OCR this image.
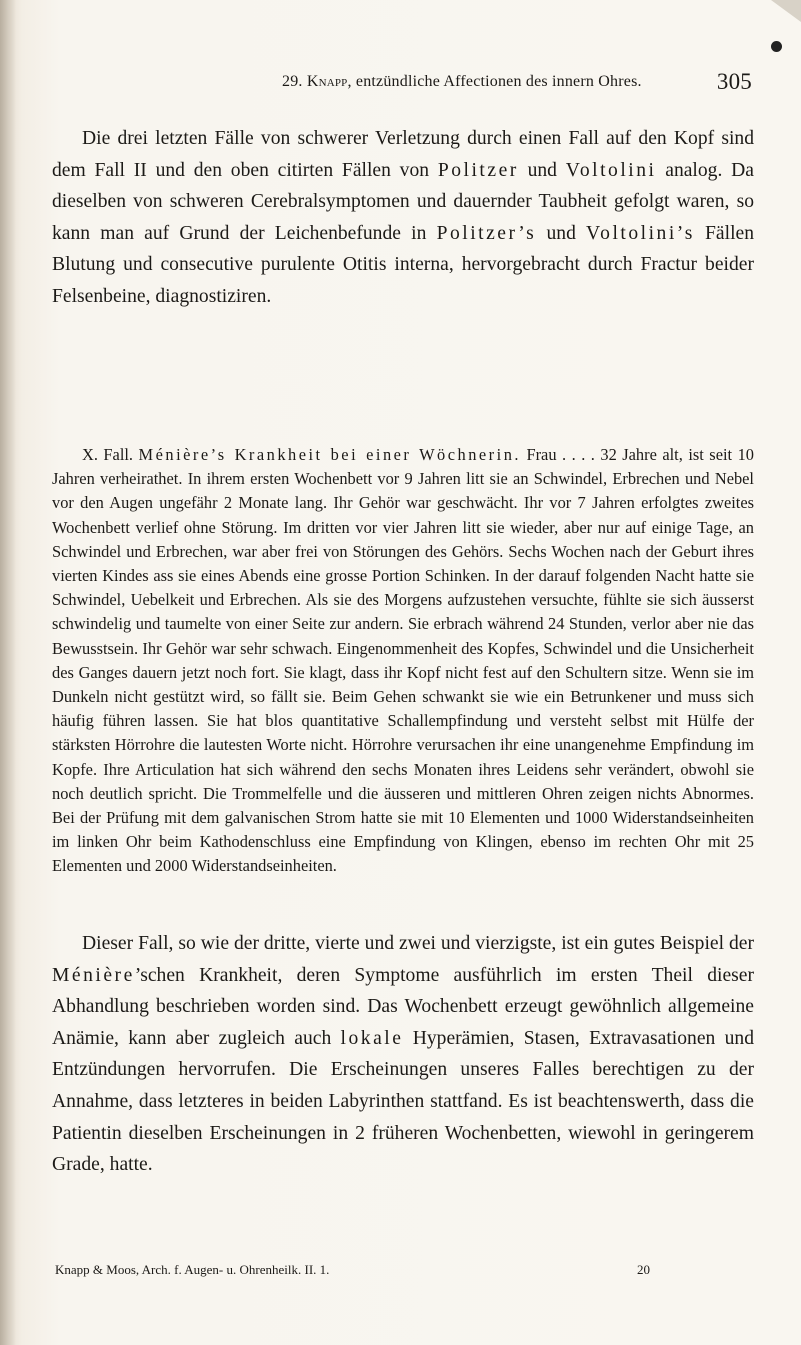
29. Knapp, entzündliche Affectionen des innern Ohres.	305
Die drei letzten Fälle von schwerer Verletzung durch einen Fall auf den Kopf sind dem Fall II und den oben citirten Fällen von Politzer und Voltolini analog. Da dieselben von schweren Cerebralsymptomen und dauernder Taubheit gefolgt waren, so kann man auf Grund der Leichenbefunde in Politzer’s und Voltolini’s Fällen Blutung und consecutive purulente Otitis interna, hervorgebracht durch Fractur beider Felsenbeine, diagnostiziren.
X. Fall. Ménière’s Krankheit bei einer Wöchnerin. Frau . . . . 32 Jahre alt, ist seit 10 Jahren verheirathet. In ihrem ersten Wochenbett vor 9 Jahren litt sie an Schwindel, Erbrechen und Nebel vor den Augen ungefähr 2 Monate lang. Ihr Gehör war geschwächt. Ihr vor 7 Jahren erfolgtes zweites Wochenbett verlief ohne Störung. Im dritten vor vier Jahren litt sie wieder, aber nur auf einige Tage, an Schwindel und Erbrechen, war aber frei von Störungen des Gehörs. Sechs Wochen nach der Geburt ihres vierten Kindes ass sie eines Abends eine grosse Portion Schinken. In der darauf folgenden Nacht hatte sie Schwindel, Uebelkeit und Erbrechen. Als sie des Morgens aufzustehen versuchte, fühlte sie sich äusserst schwindelig und taumelte von einer Seite zur andern. Sie erbrach während 24 Stunden, verlor aber nie das Bewusstsein. Ihr Gehör war sehr schwach. Eingenommenheit des Kopfes, Schwindel und die Unsicherheit des Ganges dauern jetzt noch fort. Sie klagt, dass ihr Kopf nicht fest auf den Schultern sitze. Wenn sie im Dunkeln nicht gestützt wird, so fällt sie. Beim Gehen schwankt sie wie ein Betrunkener und muss sich häufig führen lassen. Sie hat blos quantitative Schallempfindung und versteht selbst mit Hülfe der stärksten Hörrohre die lautesten Worte nicht. Hörrohre verursachen ihr eine unangenehme Empfindung im Kopfe. Ihre Articulation hat sich während den sechs Monaten ihres Leidens sehr verändert, obwohl sie noch deutlich spricht. Die Trommelfelle und die äusseren und mittleren Ohren zeigen nichts Abnormes. Bei der Prüfung mit dem galvanischen Strom hatte sie mit 10 Elementen und 1000 Widerstandseinheiten im linken Ohr beim Kathodenschluss eine Empfindung von Klingen, ebenso im rechten Ohr mit 25 Elementen und 2000 Widerstandseinheiten.
Dieser Fall, so wie der dritte, vierte und zwei und vierzigste, ist ein gutes Beispiel der Ménière’schen Krankheit, deren Symptome ausführlich im ersten Theil dieser Abhandlung beschrieben worden sind. Das Wochenbett erzeugt gewöhnlich allgemeine Anämie, kann aber zugleich auch lokale Hyperämien, Stasen, Extravasationen und Entzündungen hervorrufen. Die Erscheinungen unseres Falles berechtigen zu der Annahme, dass letzteres in beiden Labyrinthen stattfand. Es ist beachtenswerth, dass die Patientin dieselben Erscheinungen in 2 früheren Wochenbetten, wiewohl in geringerem Grade, hatte.
Knapp & Moos, Arch. f. Augen- u. Ohrenheilk. II. 1.	20
